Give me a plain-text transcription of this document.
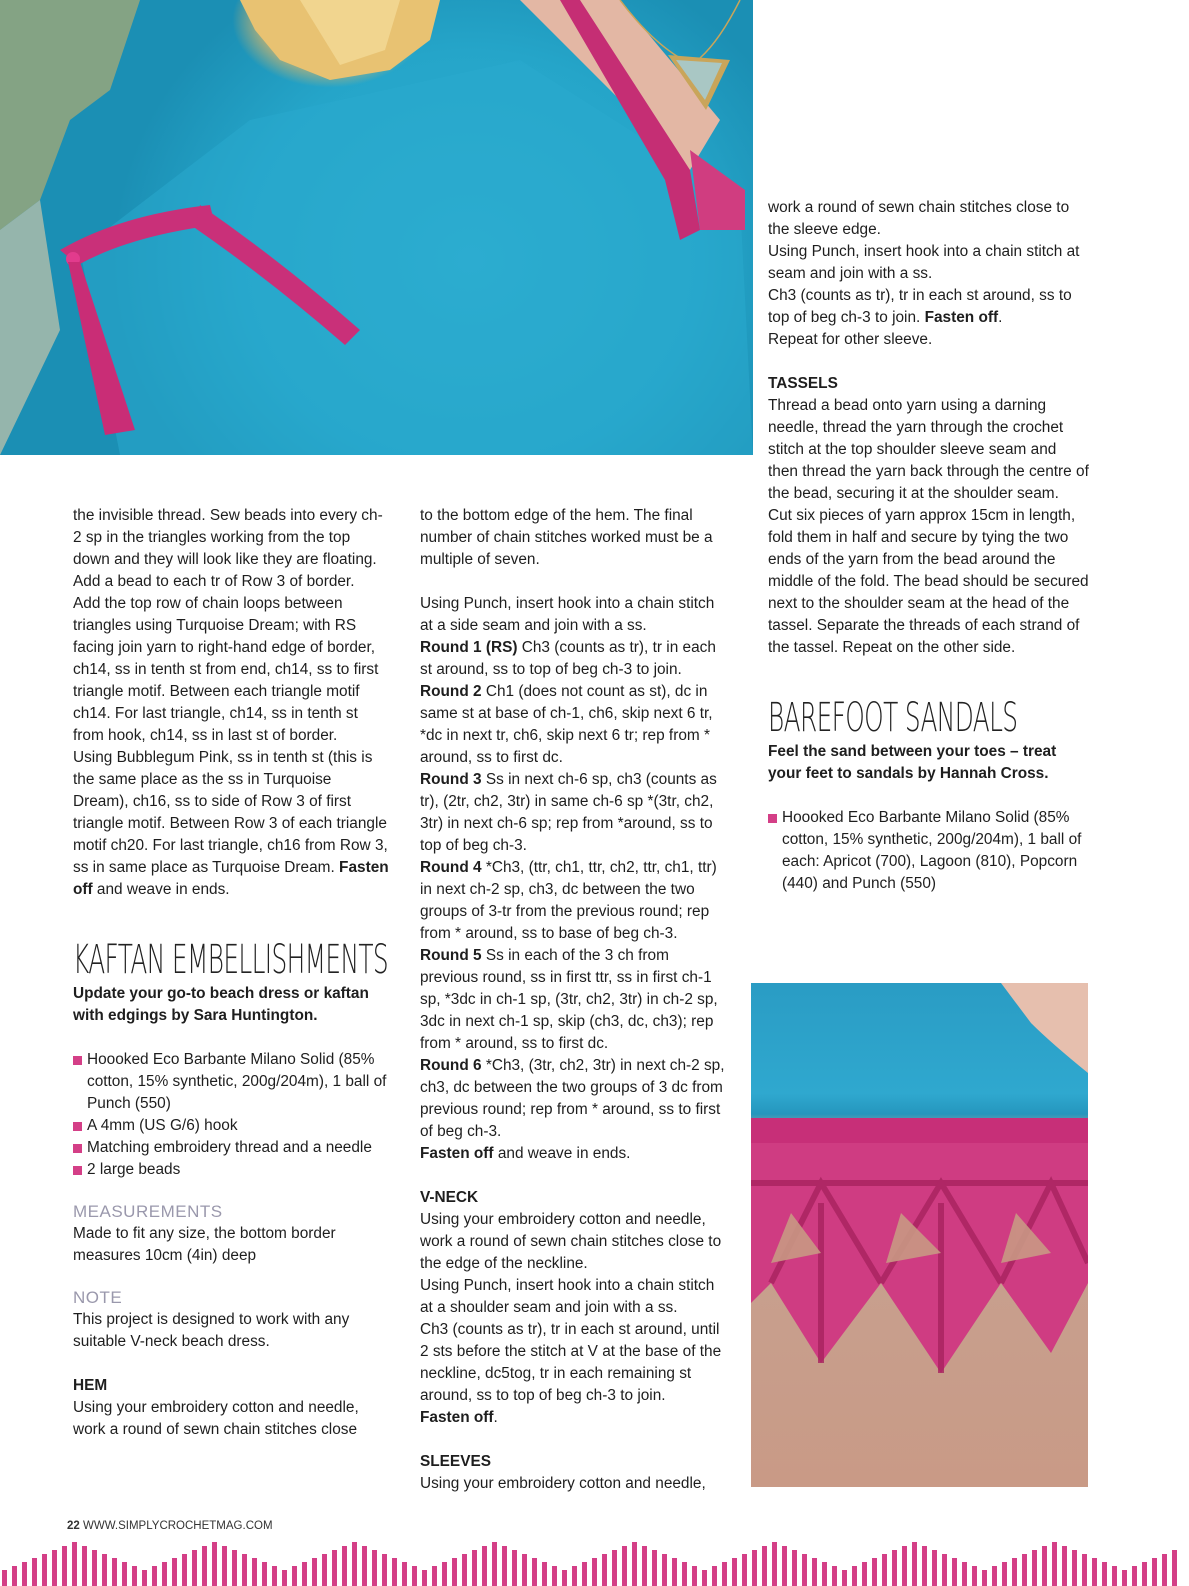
the invisible thread. Sew beads into every ch-2 sp in the triangles working from the top down and they will look like they are floating.

Add a bead to each tr of Row 3 of border.

Add the top row of chain loops between triangles using Turquoise Dream; with RS facing join yarn to right-hand edge of border, ch14, ss in tenth st from end, ch14, ss to first triangle motif. Between each triangle motif ch14. For last triangle, ch14, ss in tenth st from hook, ch14, ss in last st of border.

Using Bubblegum Pink, ss in tenth st (this is the same place as the ss in Turquoise Dream), ch16, ss to side of Row 3 of first triangle motif. Between Row 3 of each triangle motif ch20. For last triangle, ch16 from Row 3, ss in same place as Turquoise Dream. Fasten off and weave in ends.

KAFTAN EMBELLISHMENTS

Update your go-to beach dress or kaftan with edgings by Sara Huntington.

Hoooked Eco Barbante Milano Solid (85% cotton, 15% synthetic, 200g/204m), 1 ball of Punch (550)
A 4mm (US G/6) hook
Matching embroidery thread and a needle
2 large beads

MEASUREMENTS

Made to fit any size, the bottom border measures 10cm (4in) deep

NOTE

This project is designed to work with any suitable V-neck beach dress.

HEM

Using your embroidery cotton and needle, work a round of sewn chain stitches close

to the bottom edge of the hem. The final number of chain stitches worked must be a multiple of seven.

Using Punch, insert hook into a chain stitch at a side seam and join with a ss.

Round 1 (RS) Ch3 (counts as tr), tr in each st around, ss to top of beg ch-3 to join.

Round 2 Ch1 (does not count as st), dc in same st at base of ch-1, ch6, skip next 6 tr, *dc in next tr, ch6, skip next 6 tr; rep from * around, ss to first dc.

Round 3 Ss in next ch-6 sp, ch3 (counts as tr), (2tr, ch2, 3tr) in same ch-6 sp *(3tr, ch2, 3tr) in next ch-6 sp; rep from *around, ss to top of beg ch-3.

Round 4 *Ch3, (ttr, ch1, ttr, ch2, ttr, ch1, ttr) in next ch-2 sp, ch3, dc between the two groups of 3-tr from the previous round; rep from * around, ss to base of beg ch-3.

Round 5 Ss in each of the 3 ch from previous round, ss in first ttr, ss in first ch-1 sp, *3dc in ch-1 sp, (3tr, ch2, 3tr) in ch-2 sp, 3dc in next ch-1 sp, skip (ch3, dc, ch3); rep from * around, ss to first dc.

Round 6 *Ch3, (3tr, ch2, 3tr) in next ch-2 sp, ch3, dc between the two groups of 3 dc from previous round; rep from * around, ss to first of beg ch-3.

Fasten off and weave in ends.

V-NECK

Using your embroidery cotton and needle, work a round of sewn chain stitches close to the edge of the neckline.

Using Punch, insert hook into a chain stitch at a shoulder seam and join with a ss.

Ch3 (counts as tr), tr in each st around, until 2 sts before the stitch at V at the base of the neckline, dc5tog, tr in each remaining st around, ss to top of beg ch-3 to join.

Fasten off.

SLEEVES

Using your embroidery cotton and needle,

work a round of sewn chain stitches close to the sleeve edge.

Using Punch, insert hook into a chain stitch at seam and join with a ss.

Ch3 (counts as tr), tr in each st around, ss to top of beg ch-3 to join. Fasten off.

Repeat for other sleeve.

TASSELS

Thread a bead onto yarn using a darning needle, thread the yarn through the crochet stitch at the top shoulder sleeve seam and then thread the yarn back through the centre of the bead, securing it at the shoulder seam.

Cut six pieces of yarn approx 15cm in length, fold them in half and secure by tying the two ends of the yarn from the bead around the middle of the fold. The bead should be secured next to the shoulder seam at the head of the tassel. Separate the threads of each strand of the tassel. Repeat on the other side.

BAREFOOT SANDALS

Feel the sand between your toes – treat your feet to sandals by Hannah Cross.

Hoooked Eco Barbante Milano Solid (85% cotton, 15% synthetic, 200g/204m), 1 ball of each: Apricot (700), Lagoon (810), Popcorn (440) and Punch (550)
22 WWW.SIMPLYCROCHETMAG.COM
